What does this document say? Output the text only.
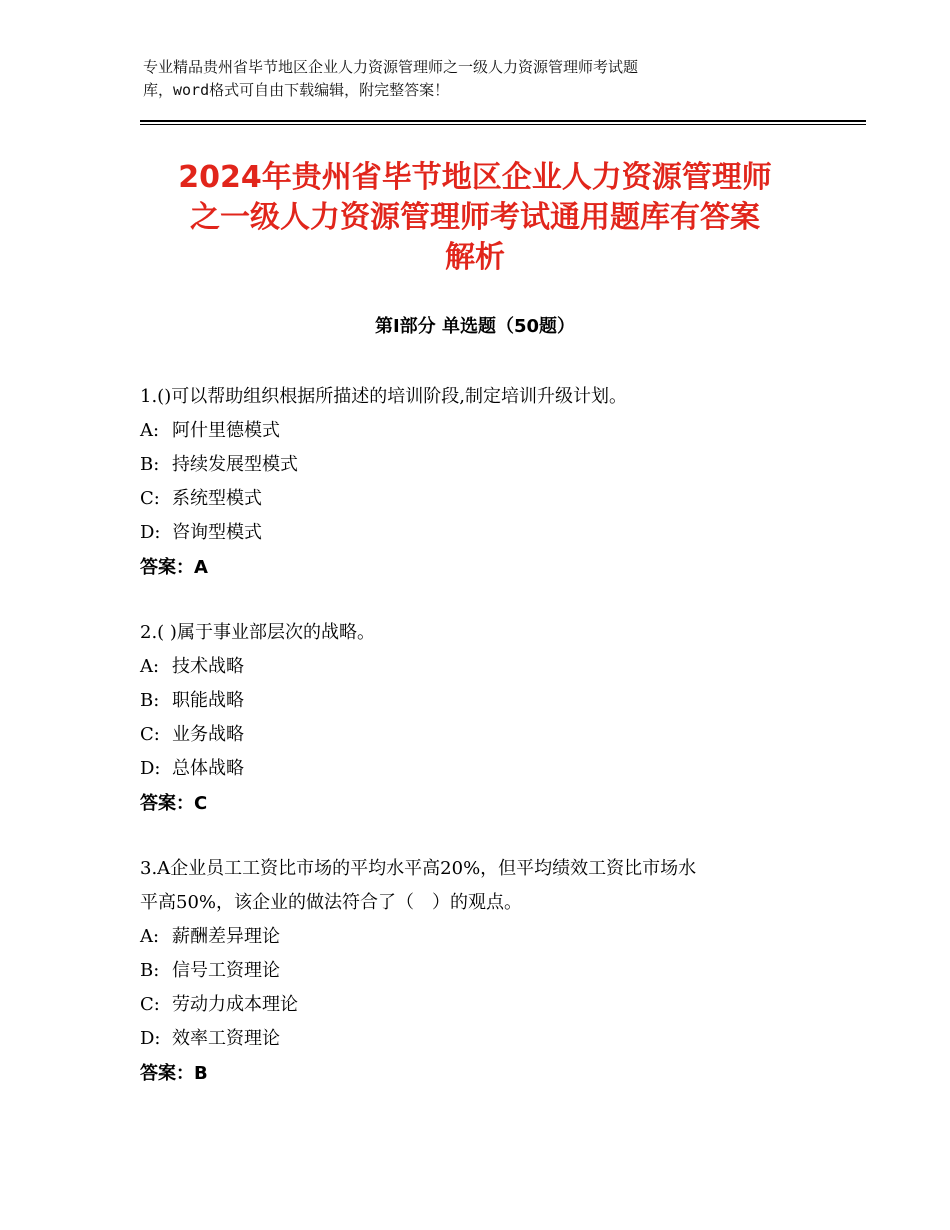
专业精品贵州省毕节地区企业人力资源管理师之一级人力资源管理师考试题
库，word格式可自由下载编辑，附完整答案！
2024年贵州省毕节地区企业人力资源管理师
之一级人力资源管理师考试通用题库有答案
解析
第Ⅰ部分 单选题（50题）

1.()可以帮助组织根据所描述的培训阶段,制定培训升级计划。

A: 阿什里德模式

B: 持续发展型模式

C: 系统型模式

D: 咨询型模式

答案：A

2.( )属于事业部层次的战略。

A: 技术战略

B: 职能战略

C: 业务战略

D: 总体战略

答案：C

3.A企业员工工资比市场的平均水平高20%，但平均绩效工资比市场水

平高50%，该企业的做法符合了（　）的观点。

A: 薪酬差异理论

B: 信号工资理论

C: 劳动力成本理论

D: 效率工资理论

答案：B
